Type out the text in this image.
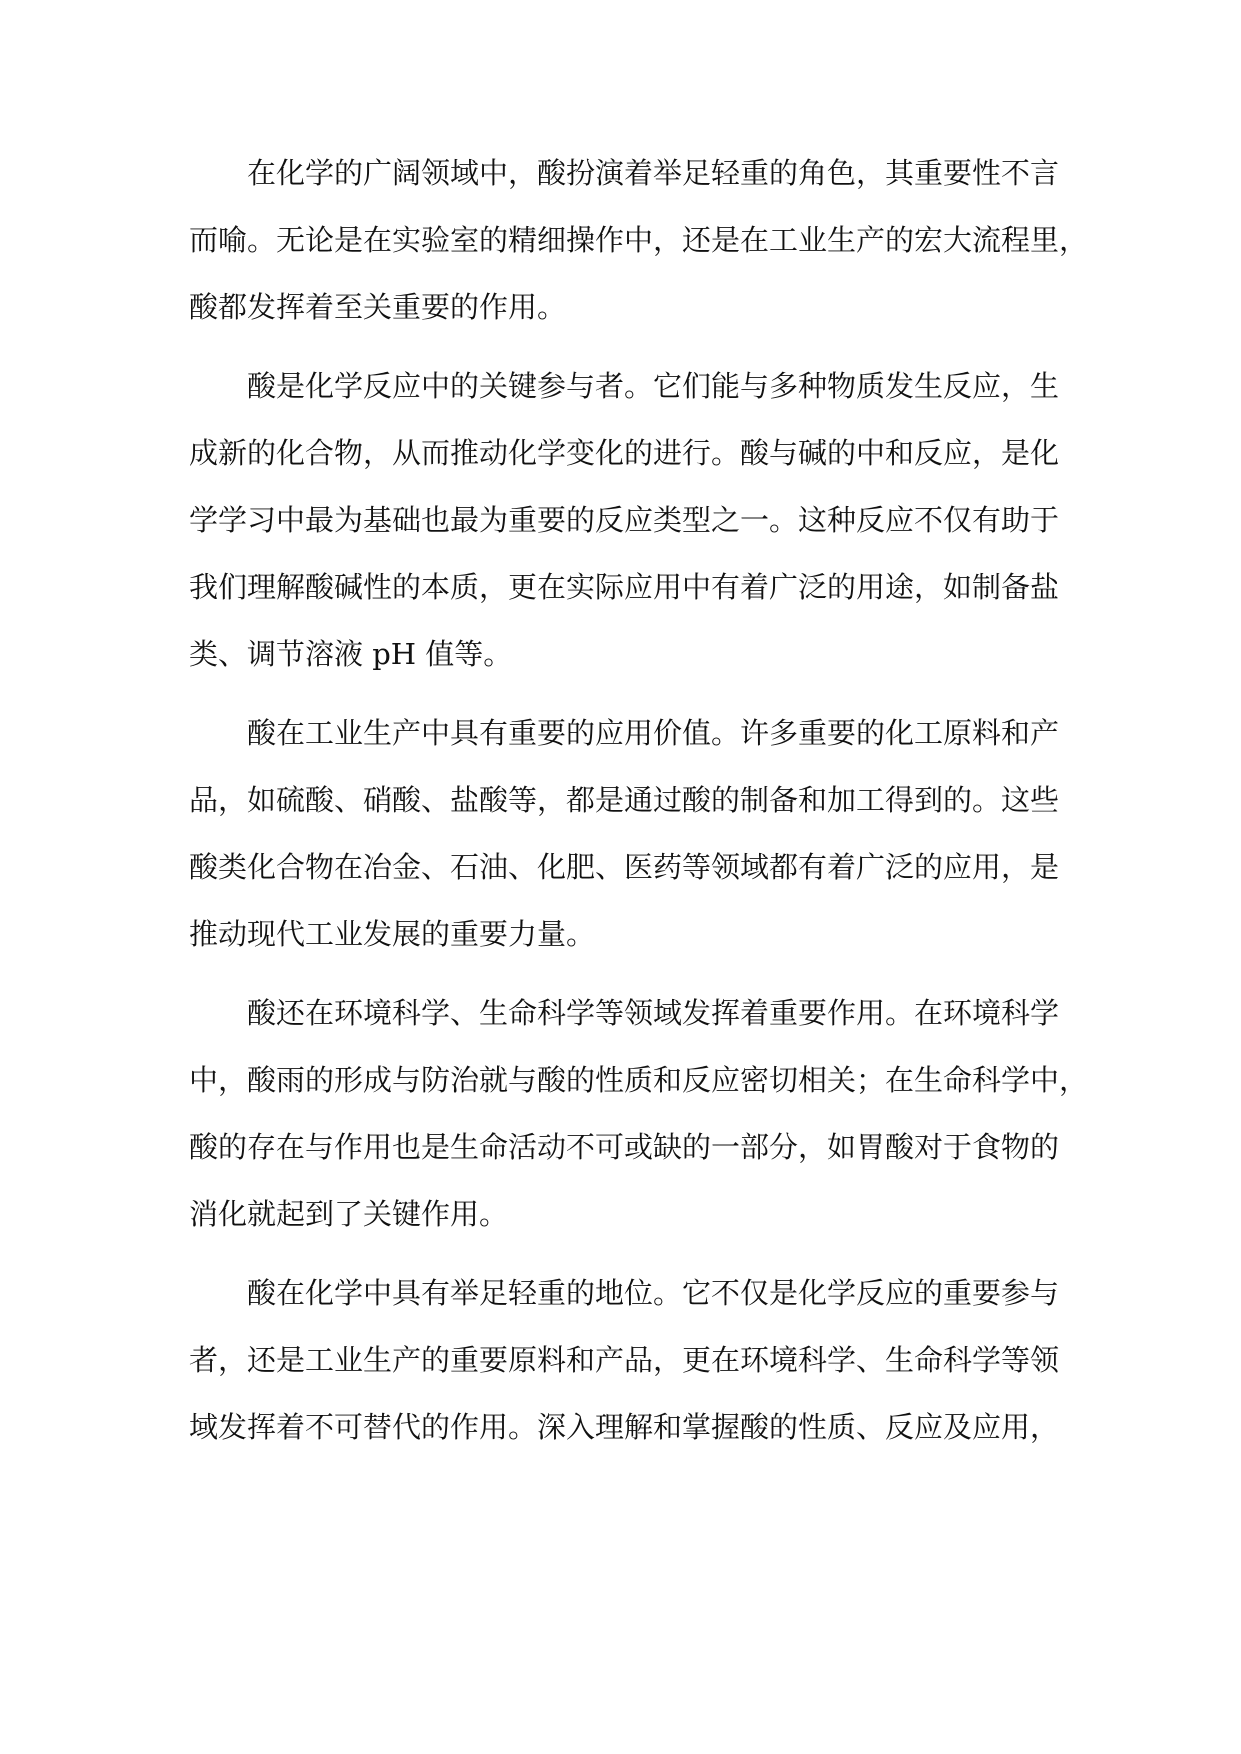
在化学的广阔领域中，酸扮演着举足轻重的角色，其重要性不言
而喻。无论是在实验室的精细操作中，还是在工业生产的宏大流程里，
酸都发挥着至关重要的作用。
酸是化学反应中的关键参与者。它们能与多种物质发生反应，生
成新的化合物，从而推动化学变化的进行。酸与碱的中和反应，是化
学学习中最为基础也最为重要的反应类型之一。这种反应不仅有助于
我们理解酸碱性的本质，更在实际应用中有着广泛的用途，如制备盐
类、调节溶液 pH 值等。
酸在工业生产中具有重要的应用价值。许多重要的化工原料和产
品，如硫酸、硝酸、盐酸等，都是通过酸的制备和加工得到的。这些
酸类化合物在冶金、石油、化肥、医药等领域都有着广泛的应用，是
推动现代工业发展的重要力量。
酸还在环境科学、生命科学等领域发挥着重要作用。在环境科学
中，酸雨的形成与防治就与酸的性质和反应密切相关；在生命科学中，
酸的存在与作用也是生命活动不可或缺的一部分，如胃酸对于食物的
消化就起到了关键作用。
酸在化学中具有举足轻重的地位。它不仅是化学反应的重要参与
者，还是工业生产的重要原料和产品，更在环境科学、生命科学等领
域发挥着不可替代的作用。深入理解和掌握酸的性质、反应及应用，
